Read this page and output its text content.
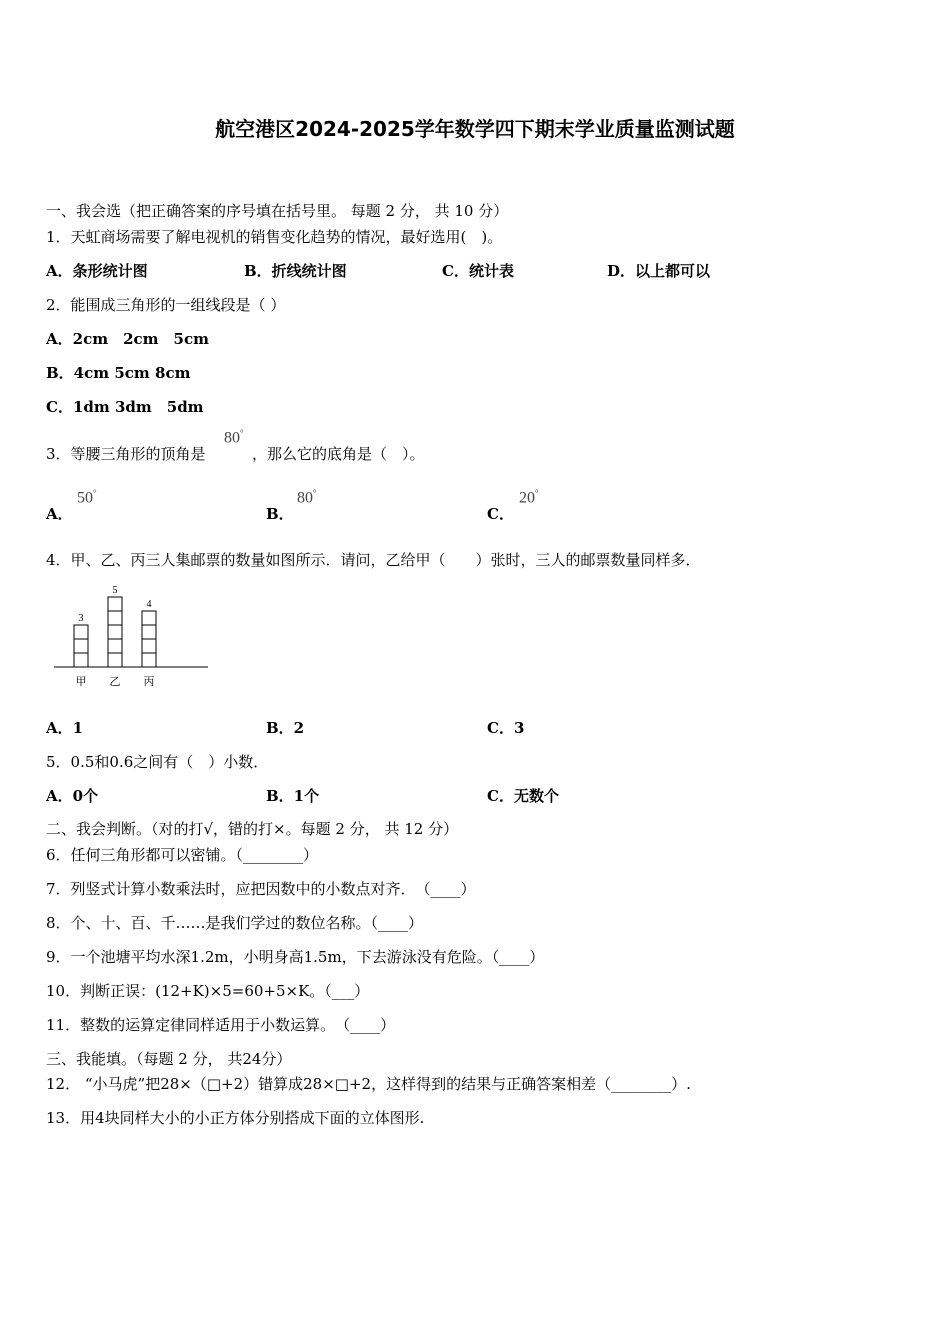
航空港区2024-2025学年数学四下期末学业质量监测试题
一、我会选（把正确答案的序号填在括号里。 每题 2 分， 共 10 分）
1．天虹商场需要了解电视机的销售变化趋势的情况，最好选用(　)。
A．条形统计图	B．折线统计图	C．统计表	D．以上都可以
2．能围成三角形的一组线段是（ ）
A．2cm　2cm　5cm
B．4cm 5cm 8cm
C．1dm 3dm　5dm
3．等腰三角形的顶角是
80°
，那么它的底角是（　）。
A．
50°
B．
80°
C．
20°
4．甲、乙、丙三人集邮票的数量如图所示．请问，乙给甲（　　）张时，三人的邮票数量同样多．
3
甲
5
乙
4
丙
A．1	B．2	C．3
5．0.5和0.6之间有（　）小数．
A．0个	B．1个	C．无数个
二、我会判断。（对的打√，错的打×。每题 2 分， 共 12 分）
6．任何三角形都可以密铺。（________）
7．列竖式计算小数乘法时，应把因数中的小数点对齐．　（____）
8．个、十、百、千……是我们学过的数位名称。（____）
9．一个池塘平均水深1.2m，小明身高1.5m，下去游泳没有危险。（____）
10．判断正误：(12+K)×5=60+5×K。（___）
11．整数的运算定律同样适用于小数运算。　（____）
三、我能填。（每题 2 分， 共24分）
12． “小马虎”把28×（□+2）错算成28×□+2，这样得到的结果与正确答案相差（________）.
13．用4块同样大小的小正方体分别搭成下面的立体图形.
